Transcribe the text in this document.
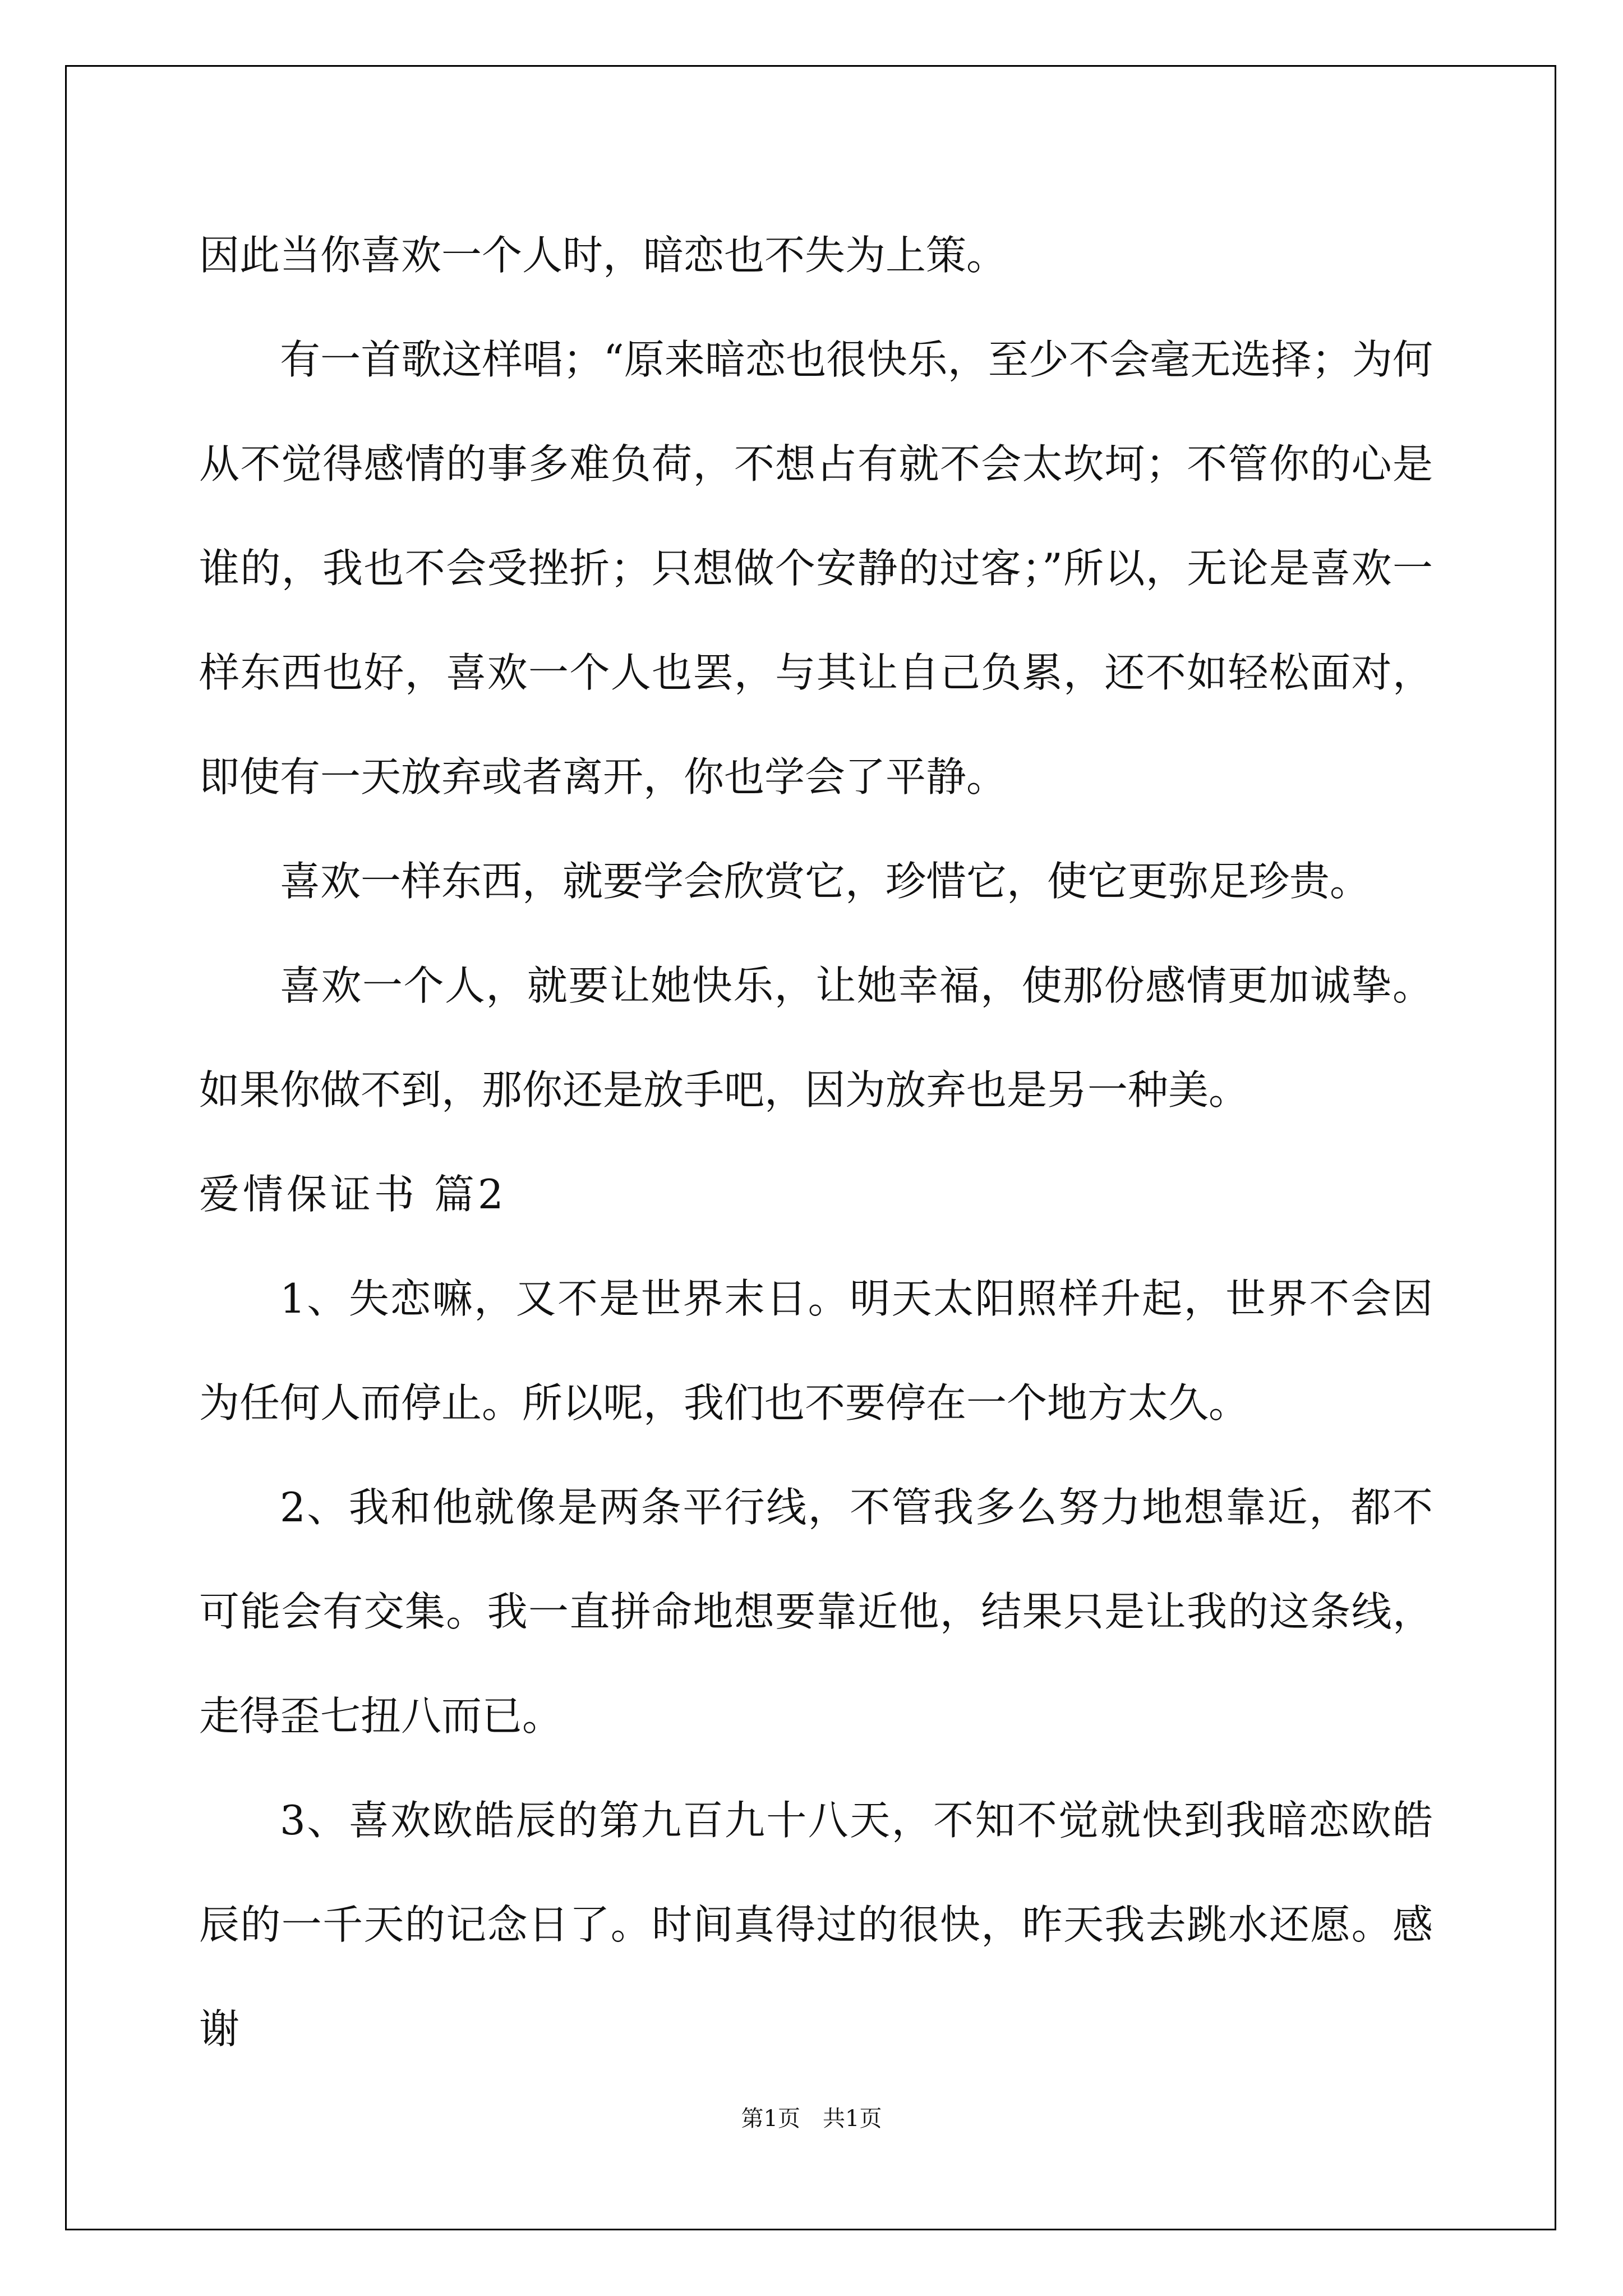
因此当你喜欢一个人时，暗恋也不失为上策。

有一首歌这样唱；“原来暗恋也很快乐，至少不会毫无选择；为何从不觉得感情的事多难负荷，不想占有就不会太坎坷；不管你的心是谁的，我也不会受挫折；只想做个安静的过客；”所以，无论是喜欢一样东西也好，喜欢一个人也罢，与其让自己负累，还不如轻松面对，即使有一天放弃或者离开，你也学会了平静。

喜欢一样东西，就要学会欣赏它，珍惜它，使它更弥足珍贵。

喜欢一个人，就要让她快乐，让她幸福，使那份感情更加诚挚。如果你做不到，那你还是放手吧，因为放弃也是另一种美。

爱情保证书 篇2

1、失恋嘛，又不是世界末日。明天太阳照样升起，世界不会因为任何人而停止。所以呢，我们也不要停在一个地方太久。

2、我和他就像是两条平行线，不管我多么努力地想靠近，都不可能会有交集。我一直拼命地想要靠近他，结果只是让我的这条线，走得歪七扭八而已。

3、喜欢欧皓辰的第九百九十八天，不知不觉就快到我暗恋欧皓辰的一千天的记念日了。时间真得过的很快，昨天我去跳水还愿。感谢

第1页　共1页
